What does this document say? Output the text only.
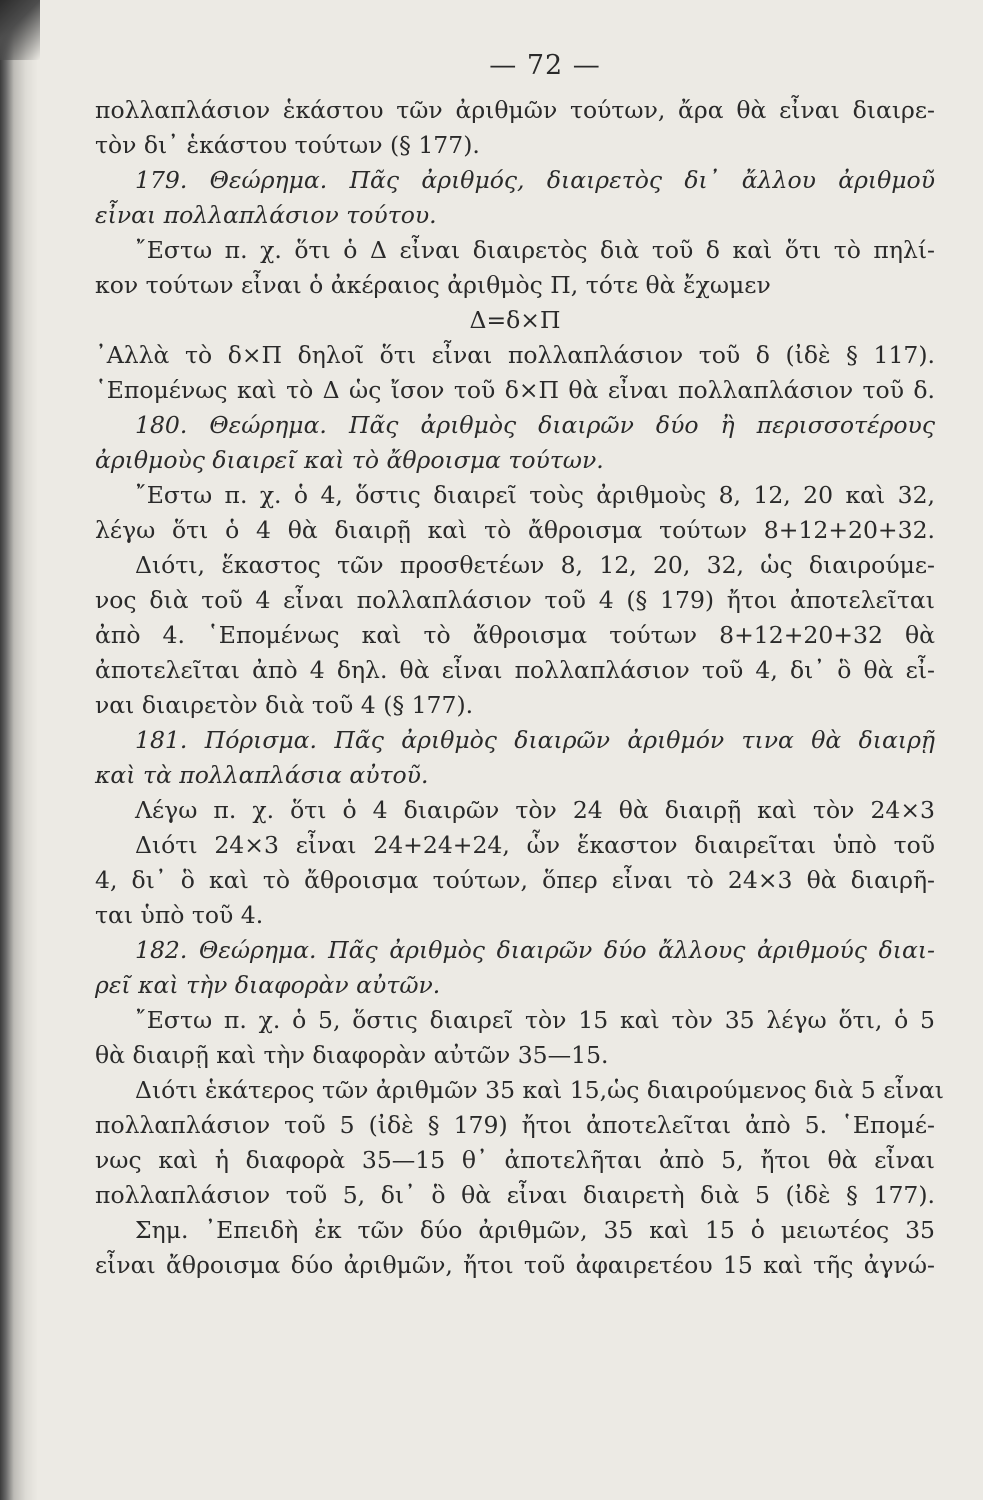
— 72 —
πολλαπλάσιον ἑκάστου τῶν ἀριθμῶν τούτων, ἄρα θὰ εἶναι διαιρε-
τὸν δι᾽ ἑκάστου τούτων (§ 177).
179. Θεώρημα. Πᾶς ἀριθμός, διαιρετὸς δι᾽ ἄλλου ἀριθμοῦ
εἶναι πολλαπλάσιον τούτου.
῎Εστω π. χ. ὅτι ὁ Δ εἶναι διαιρετὸς διὰ τοῦ δ καὶ ὅτι τὸ πηλί-
κον τούτων εἶναι ὁ ἀκέραιος ἀριθμὸς Π, τότε θὰ ἔχωμεν
Δ=δ×Π
᾽Αλλὰ τὸ δ×Π δηλοῖ ὅτι εἶναι πολλαπλάσιον τοῦ δ (ἰδὲ § 117).
῾Επομένως καὶ τὸ Δ ὡς ἴσον τοῦ δ×Π θὰ εἶναι πολλαπλάσιον τοῦ δ.
180. Θεώρημα. Πᾶς ἀριθμὸς διαιρῶν δύο ἢ περισσοτέρους
ἀριθμοὺς διαιρεῖ καὶ τὸ ἄθροισμα τούτων.
῎Εστω π. χ. ὁ 4, ὅστις διαιρεῖ τοὺς ἀριθμοὺς 8, 12, 20 καὶ 32,
λέγω ὅτι ὁ 4 θὰ διαιρῇ καὶ τὸ ἄθροισμα τούτων 8+12+20+32.
Διότι, ἕκαστος τῶν προσθετέων 8, 12, 20, 32, ὡς διαιρούμε-
νος διὰ τοῦ 4 εἶναι πολλαπλάσιον τοῦ 4 (§ 179) ἤτοι ἀποτελεῖται
ἀπὸ 4. ῾Επομένως καὶ τὸ ἄθροισμα τούτων 8+12+20+32 θὰ
ἀποτελεῖται ἀπὸ 4 δηλ. θὰ εἶναι πολλαπλάσιον τοῦ 4, δι᾽ ὃ θὰ εἶ-
ναι διαιρετὸν διὰ τοῦ 4 (§ 177).
181. Πόρισμα. Πᾶς ἀριθμὸς διαιρῶν ἀριθμόν τινα θὰ διαιρῇ
καὶ τὰ πολλαπλάσια αὐτοῦ.
Λέγω π. χ. ὅτι ὁ 4 διαιρῶν τὸν 24 θὰ διαιρῇ καὶ τὸν 24×3
Διότι 24×3 εἶναι 24+24+24, ὧν ἕκαστον διαιρεῖται ὑπὸ τοῦ
4, δι᾽ ὃ καὶ τὸ ἄθροισμα τούτων, ὅπερ εἶναι τὸ 24×3 θὰ διαιρῆ-
ται ὑπὸ τοῦ 4.
182. Θεώρημα. Πᾶς ἀριθμὸς διαιρῶν δύο ἄλλους ἀριθμούς διαι-
ρεῖ καὶ τὴν διαφορὰν αὐτῶν.
῎Εστω π. χ. ὁ 5, ὅστις διαιρεῖ τὸν 15 καὶ τὸν 35 λέγω ὅτι, ὁ 5
θὰ διαιρῇ καὶ τὴν διαφορὰν αὐτῶν 35—15.
Διότι ἑκάτερος τῶν ἀριθμῶν 35 καὶ 15,ὡς διαιρούμενος διὰ 5 εἶναι
πολλαπλάσιον τοῦ 5 (ἰδὲ § 179) ἤτοι ἀποτελεῖται ἀπὸ 5. ῾Επομέ-
νως καὶ ἡ διαφορὰ 35—15 θ᾽ ἀποτελῆται ἀπὸ 5, ἤτοι θὰ εἶναι
πολλαπλάσιον τοῦ 5, δι᾽ ὃ θὰ εἶναι διαιρετὴ διὰ 5 (ἰδὲ § 177).
Σημ. ᾽Επειδὴ ἐκ τῶν δύο ἀριθμῶν, 35 καὶ 15 ὁ μειωτέος 35
εἶναι ἄθροισμα δύο ἀριθμῶν, ἤτοι τοῦ ἀφαιρετέου 15 καὶ τῆς ἀγνώ-
